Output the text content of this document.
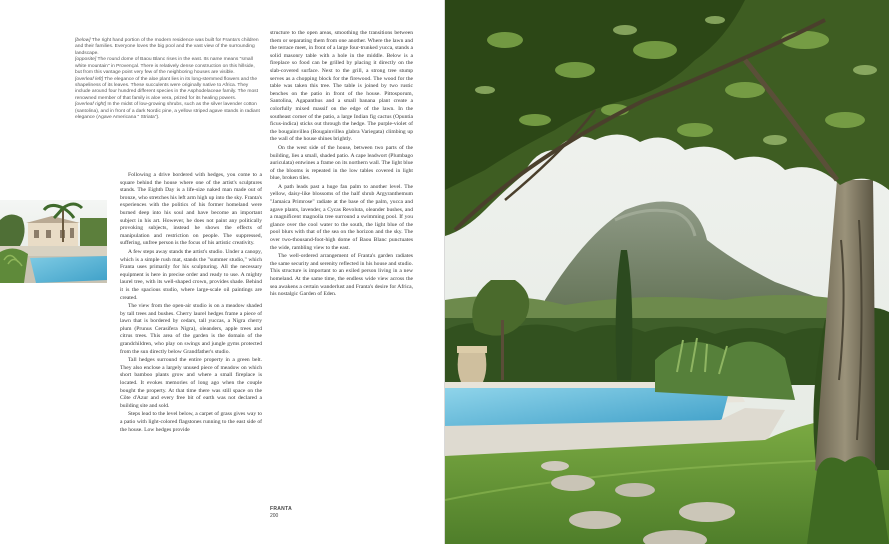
[below] The right hand portion of the modern residence was built for Franta's children and their families. Everyone loves the big pool and the vast view of the surrounding landscape.

[opposite] The round dome of Baou Blanc rises in the east. Its name means "small white mountain" in Provençal. There is relatively dense construction on this hillside, but from this vantage point very few of the neighboring houses are visible.

[overleaf left] The elegance of the aloe plant lies in its long-stemmed flowers and the shapeliness of its leaves. These succulents were originally native to Africa. They include around four hundred different species in the Asphodelaceae family. The most renowned member of that family is aloe vera, prized for its healing powers.

[overleaf right] In the midst of low-growing shrubs, such as the silver lavender cotton (santolina), and in front of a dark Nordic pine, a yellow striped agave stands in radiant elegance (Agave Americana " Striata").

Following a drive bordered with hedges, you come to a square behind the house where one of the artist's sculptures stands. The Eighth Day is a life-size naked man made out of bronze, who stretches his left arm high up into the sky. Franta's experiences with the politics of his former homeland were burned deep into his soul and have become an important subject in his art. However, he does not paint any politically provoking subjects, instead he shows the effects of manipulation and restriction on people. The suppressed, suffering, unfree person is the focus of his artistic creativity.

A few steps away stands the artist's studio. Under a canopy, which is a simple rush mat, stands the "summer studio," which Franta uses primarily for his sculpturing. All the necessary equipment is here in precise order and ready to use. A mighty laurel tree, with its well-shaped crown, provides shade. Behind it is the spacious studio, where large-scale oil paintings are created.

The view from the open-air studio is on a meadow shaded by tall trees and bushes. Cherry laurel hedges frame a piece of lawn that is bordered by cedars, tall yuccas, a Nigra cherry plum (Prunus Cerasifera Nigra), oleanders, apple trees and citrus trees. This area of the garden is the domain of the grandchildren, who play on swings and jungle gyms protected from the sun directly below Grandfather's studio.

Tall hedges surround the entire property in a green belt. They also enclose a largely unused piece of meadow on which short bamboo plants grow and where a small fireplace is located. It evokes memories of long ago when the couple bought the property. At that time there was still space on the Côte d'Azur and every free bit of earth was not declared a building site and sold.

Steps lead to the level below, a carpet of grass gives way to a patio with light-colored flagstones running to the east side of the house. Low hedges provide

structure to the open areas, smoothing the transitions between them or separating them from one another. Where the lawn and the terrace meet, in front of a large four-trunked yucca, stands a solid masonry table with a hole in the middle. Below is a fireplace so food can be grilled by placing it directly on the slab-covered surface. Next to the grill, a strong tree stump serves as a chopping block for the firewood. The wood for the table was taken this tree. The table is joined by two rustic benches on the patio in front of the house. Pittosporum, Santolina, Agapanthus and a small banana plant create a colorfully mixed massif on the edge of the lawn. In the southeast corner of the patio, a large Indian fig cactus (Opuntia ficus-indica) sticks out through the hedge. The purple-violet of the bougainvillea (Bougainvillea glabra Variegata) climbing up the wall of the house shines brightly.

On the west side of the house, between two parts of the building, lies a small, shaded patio. A cape leadwort (Plumbago auriculata) entwines a frame on its northern wall. The light blue of the blooms is repeated in the low tables covered in light blue, broken tiles.

A path leads past a huge fan palm to another level. The yellow, daisy-like blossoms of the half shrub Argyranthemum "Jamaica Primrose" radiate at the base of the palm, yucca and agave plants, lavender, a Cycas Revoluta, oleander bushes, and a magnificent magnolia tree surround a swimming pool. If you glance over the cool water to the south, the light blue of the pool blurs with that of the sea on the horizon and the sky. The over two-thousand-foot-high dome of Baou Blanc punctuates the wide, rambling view to the east.

The well-ordered arrangement of Franta's garden radiates the same security and serenity reflected in his house and studio. This structure is important to an exiled person living in a new homeland. At the same time, the endless wide view across the sea awakens a certain wanderlust and Franta's desire for Africa, his nostalgic Garden of Eden.

FRANTA
200
